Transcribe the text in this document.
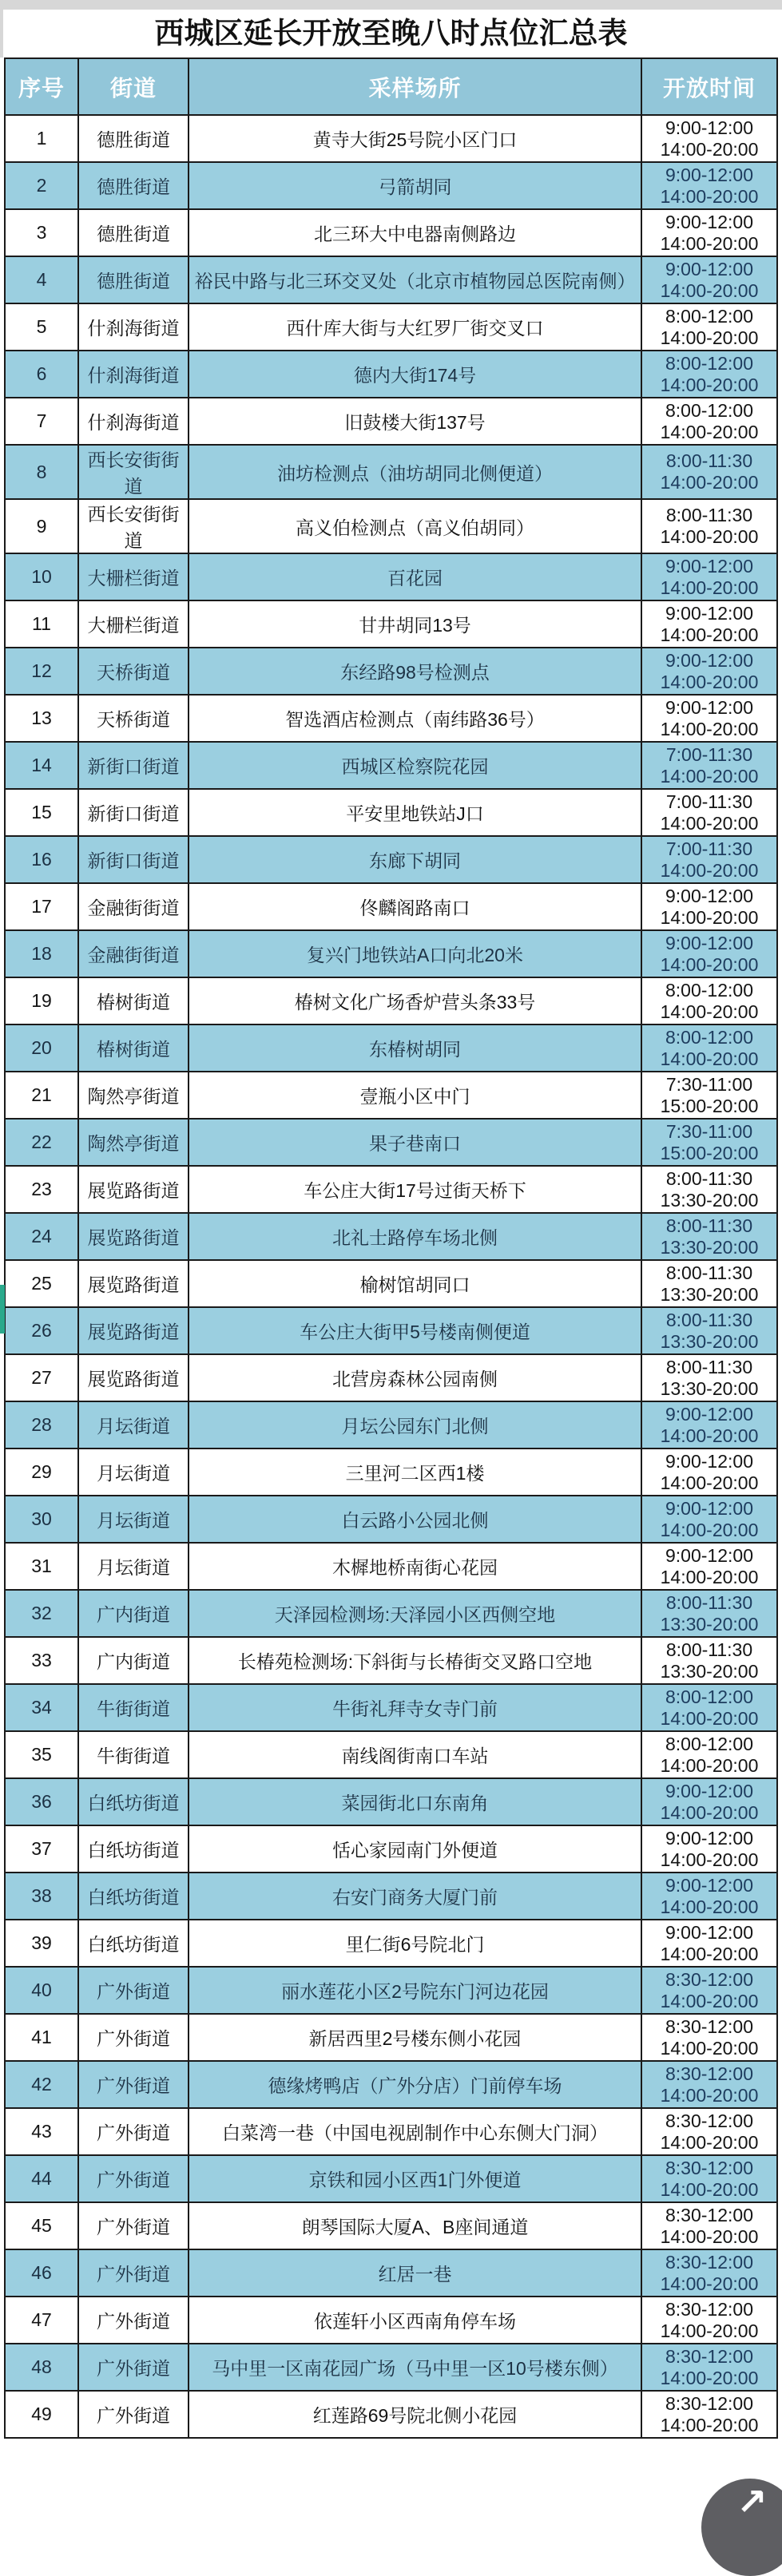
西城区延长开放至晚八时点位汇总表
序号	街道	采样场所	开放时间
1	德胜街道	黄寺大街25号院小区门口	9:00-12:00
14:00-20:00

2	德胜街道	弓箭胡同	9:00-12:00
14:00-20:00

3	德胜街道	北三环大中电器南侧路边	9:00-12:00
14:00-20:00

4	德胜街道	裕民中路与北三环交叉处（北京市植物园总医院南侧）	9:00-12:00
14:00-20:00

5	什刹海街道	西什库大街与大红罗厂街交叉口	8:00-12:00
14:00-20:00

6	什刹海街道	德内大街174号	8:00-12:00
14:00-20:00

7	什刹海街道	旧鼓楼大街137号	8:00-12:00
14:00-20:00

8	西长安街街道	油坊检测点（油坊胡同北侧便道）	8:00-11:30
14:00-20:00

9	西长安街街道	高义伯检测点（高义伯胡同）	8:00-11:30
14:00-20:00

10	大栅栏街道	百花园	9:00-12:00
14:00-20:00

11	大栅栏街道	甘井胡同13号	9:00-12:00
14:00-20:00

12	天桥街道	东经路98号检测点	9:00-12:00
14:00-20:00

13	天桥街道	智选酒店检测点（南纬路36号）	9:00-12:00
14:00-20:00

14	新街口街道	西城区检察院花园	7:00-11:30
14:00-20:00

15	新街口街道	平安里地铁站J口	7:00-11:30
14:00-20:00

16	新街口街道	东廊下胡同	7:00-11:30
14:00-20:00

17	金融街街道	佟麟阁路南口	9:00-12:00
14:00-20:00

18	金融街街道	复兴门地铁站A口向北20米	9:00-12:00
14:00-20:00

19	椿树街道	椿树文化广场香炉营头条33号	8:00-12:00
14:00-20:00

20	椿树街道	东椿树胡同	8:00-12:00
14:00-20:00

21	陶然亭街道	壹瓶小区中门	7:30-11:00
15:00-20:00

22	陶然亭街道	果子巷南口	7:30-11:00
15:00-20:00

23	展览路街道	车公庄大街17号过街天桥下	8:00-11:30
13:30-20:00

24	展览路街道	北礼士路停车场北侧	8:00-11:30
13:30-20:00

25	展览路街道	榆树馆胡同口	8:00-11:30
13:30-20:00

26	展览路街道	车公庄大街甲5号楼南侧便道	8:00-11:30
13:30-20:00

27	展览路街道	北营房森林公园南侧	8:00-11:30
13:30-20:00

28	月坛街道	月坛公园东门北侧	9:00-12:00
14:00-20:00

29	月坛街道	三里河二区西1楼	9:00-12:00
14:00-20:00

30	月坛街道	白云路小公园北侧	9:00-12:00
14:00-20:00

31	月坛街道	木樨地桥南街心花园	9:00-12:00
14:00-20:00

32	广内街道	天泽园检测场:天泽园小区西侧空地	8:00-11:30
13:30-20:00

33	广内街道	长椿苑检测场:下斜街与长椿街交叉路口空地	8:00-11:30
13:30-20:00

34	牛街街道	牛街礼拜寺女寺门前	8:00-12:00
14:00-20:00

35	牛街街道	南线阁街南口车站	8:00-12:00
14:00-20:00

36	白纸坊街道	菜园街北口东南角	9:00-12:00
14:00-20:00

37	白纸坊街道	恬心家园南门外便道	9:00-12:00
14:00-20:00

38	白纸坊街道	右安门商务大厦门前	9:00-12:00
14:00-20:00

39	白纸坊街道	里仁街6号院北门	9:00-12:00
14:00-20:00

40	广外街道	丽水莲花小区2号院东门河边花园	8:30-12:00
14:00-20:00

41	广外街道	新居西里2号楼东侧小花园	8:30-12:00
14:00-20:00

42	广外街道	德缘烤鸭店（广外分店）门前停车场	8:30-12:00
14:00-20:00

43	广外街道	白菜湾一巷（中国电视剧制作中心东侧大门洞）	8:30-12:00
14:00-20:00

44	广外街道	京铁和园小区西1门外便道	8:30-12:00
14:00-20:00

45	广外街道	朗琴国际大厦A、B座间通道	8:30-12:00
14:00-20:00

46	广外街道	红居一巷	8:30-12:00
14:00-20:00

47	广外街道	依莲轩小区西南角停车场	8:30-12:00
14:00-20:00

48	广外街道	马中里一区南花园广场（马中里一区10号楼东侧）	8:30-12:00
14:00-20:00

49	广外街道	红莲路69号院北侧小花园	8:30-12:00
14:00-20:00
↗
